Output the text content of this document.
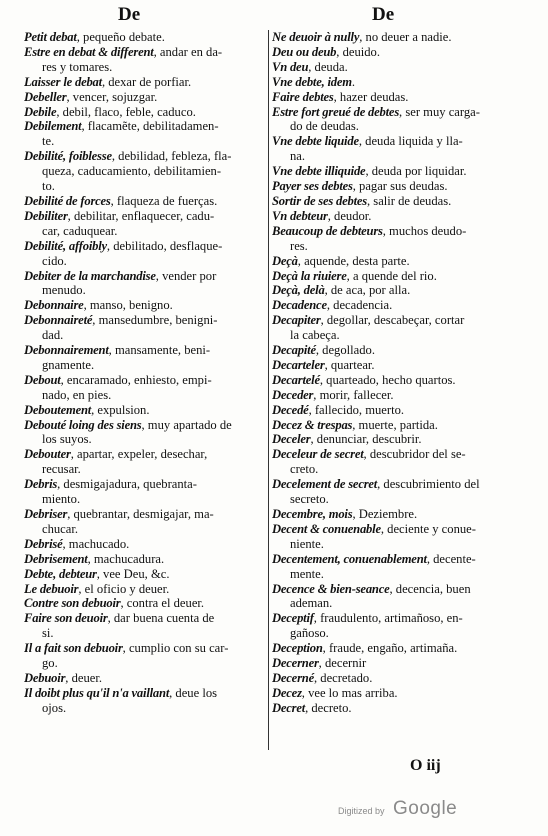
De	De
Petit debat, pequeño debate.
Estre en debat & different, andar en da-
res y tomares.
Laisser le debat, dexar de porfiar.
Debeller, vencer, sojuzgar.
Debile, debil, flaco, feble, caduco.
Debilement, flacamẽte, debilitadamen-
te.
Debilité, foiblesse, debilidad, febleza, fla-
queza, caducamiento, debilitamien-
to.
Debilité de forces, flaqueza de fuerças.
Debiliter, debilitar, enflaquecer, cadu-
car, caduquear.
Debilité, affoibly, debilitado, desflaque-
cido.
Debiter de la marchandise, vender por
menudo.
Debonnaire, manso, benigno.
Debonnaireté, mansedumbre, benigni-
dad.
Debonnairement, mansamente, beni-
gnamente.
Debout, encaramado, enhiesto, empi-
nado, en pies.
Deboutement, expulsion.
Debouté loing des siens, muy apartado de
los suyos.
Debouter, apartar, expeler, desechar,
recusar.
Debris, desmigajadura, quebranta-
miento.
Debriser, quebrantar, desmigajar, ma-
chucar.
Debrisé, machucado.
Debrisement, machucadura.
Debte, debteur, vee Deu, &c.
Le debuoir, el oficio y deuer.
Contre son debuoir, contra el deuer.
Faire son deuoir, dar buena cuenta de
si.
Il a fait son debuoir, cumplio con su car-
go.
Debuoir, deuer.
Il doibt plus qu'il n'a vaillant, deue los
ojos.
Ne deuoir à nully, no deuer a nadie.
Deu ou deub, deuido.
Vn deu, deuda.
Vne debte, idem.
Faire debtes, hazer deudas.
Estre fort greué de debtes, ser muy carga-
do de deudas.
Vne debte liquide, deuda liquida y lla-
na.
Vne debte illiquide, deuda por liquidar.
Payer ses debtes, pagar sus deudas.
Sortir de ses debtes, salir de deudas.
Vn debteur, deudor.
Beaucoup de debteurs, muchos deudo-
res.
Deçà, aquende, desta parte.
Deçà la riuiere, a quende del rio.
Deçà, delà, de aca, por alla.
Decadence, decadencia.
Decapiter, degollar, descabeçar, cortar
la cabeça.
Decapité, degollado.
Decarteler, quartear.
Decartelé, quarteado, hecho quartos.
Deceder, morir, fallecer.
Decedé, fallecido, muerto.
Decez & trespas, muerte, partida.
Deceler, denunciar, descubrir.
Deceleur de secret, descubridor del se-
creto.
Decelement de secret, descubrimiento del
secreto.
Decembre, mois, Deziembre.
Decent & conuenable, deciente y conue-
niente.
Decentement, conuenablement, decente-
mente.
Decence & bien-seance, decencia, buen
ademan.
Deceptif, fraudulento, artimañoso, en-
gañoso.
Deception, fraude, engaño, artimaña.
Decerner, decernir
Decerné, decretado.
Decez, vee lo mas arriba.
Decret, decreto.
O iij
Digitized by Google
